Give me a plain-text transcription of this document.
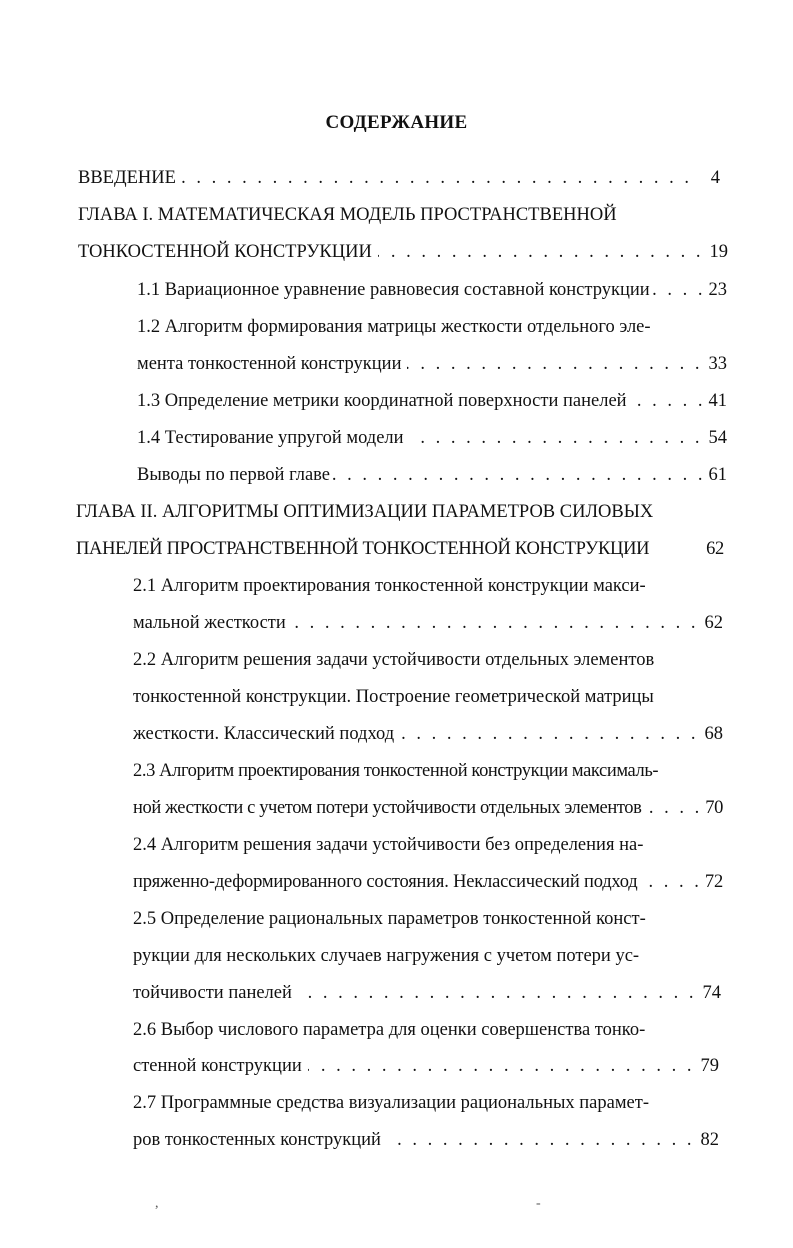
СОДЕРЖАНИЕ
ВВЕДЕНИЕ . . .	4
ГЛАВА I. МАТЕМАТИЧЕСКАЯ МОДЕЛЬ ПРОСТРАНСТВЕННОЙ
ТОНКОСТЕННОЙ КОНСТРУКЦИИ . . .	19
1.1 Вариационное уравнение равновесия составной конструкции . . .	23
1.2 Алгоритм формирования матрицы жесткости отдельного эле-
мента тонкостенной конструкции . . .	33
1.3 Определение метрики координатной поверхности панелей . . .	41
1.4 Тестирование упругой модели . . .	54
Выводы по первой главе . . .	61
ГЛАВА II. АЛГОРИТМЫ ОПТИМИЗАЦИИ ПАРАМЕТРОВ СИЛОВЫХ
ПАНЕЛЕЙ ПРОСТРАНСТВЕННОЙ ТОНКОСТЕННОЙ КОНСТРУКЦИИ	62
2.1 Алгоритм проектирования тонкостенной конструкции макси-
мальной жесткости . . .	62
2.2 Алгоритм решения задачи устойчивости отдельных элементов
тонкостенной конструкции. Построение геометрической матрицы
жесткости. Классический подход . . .	68
2.3 Алгоритм проектирования тонкостенной конструкции максималь-
ной жесткости с учетом потери устойчивости отдельных элементов . . .	70
2.4 Алгоритм решения задачи устойчивости без определения на-
пряженно-деформированного состояния. Неклассический подход . . .	72
2.5 Определение рациональных параметров тонкостенной конст-
рукции для нескольких случаев нагружения с учетом потери ус-
тойчивости панелей . . .	74
2.6 Выбор числового параметра для оценки совершенства тонко-
стенной конструкции . . .	79
2.7 Программные средства визуализации рациональных парамет-
ров тонкостенных конструкций . . .	82
,	-
